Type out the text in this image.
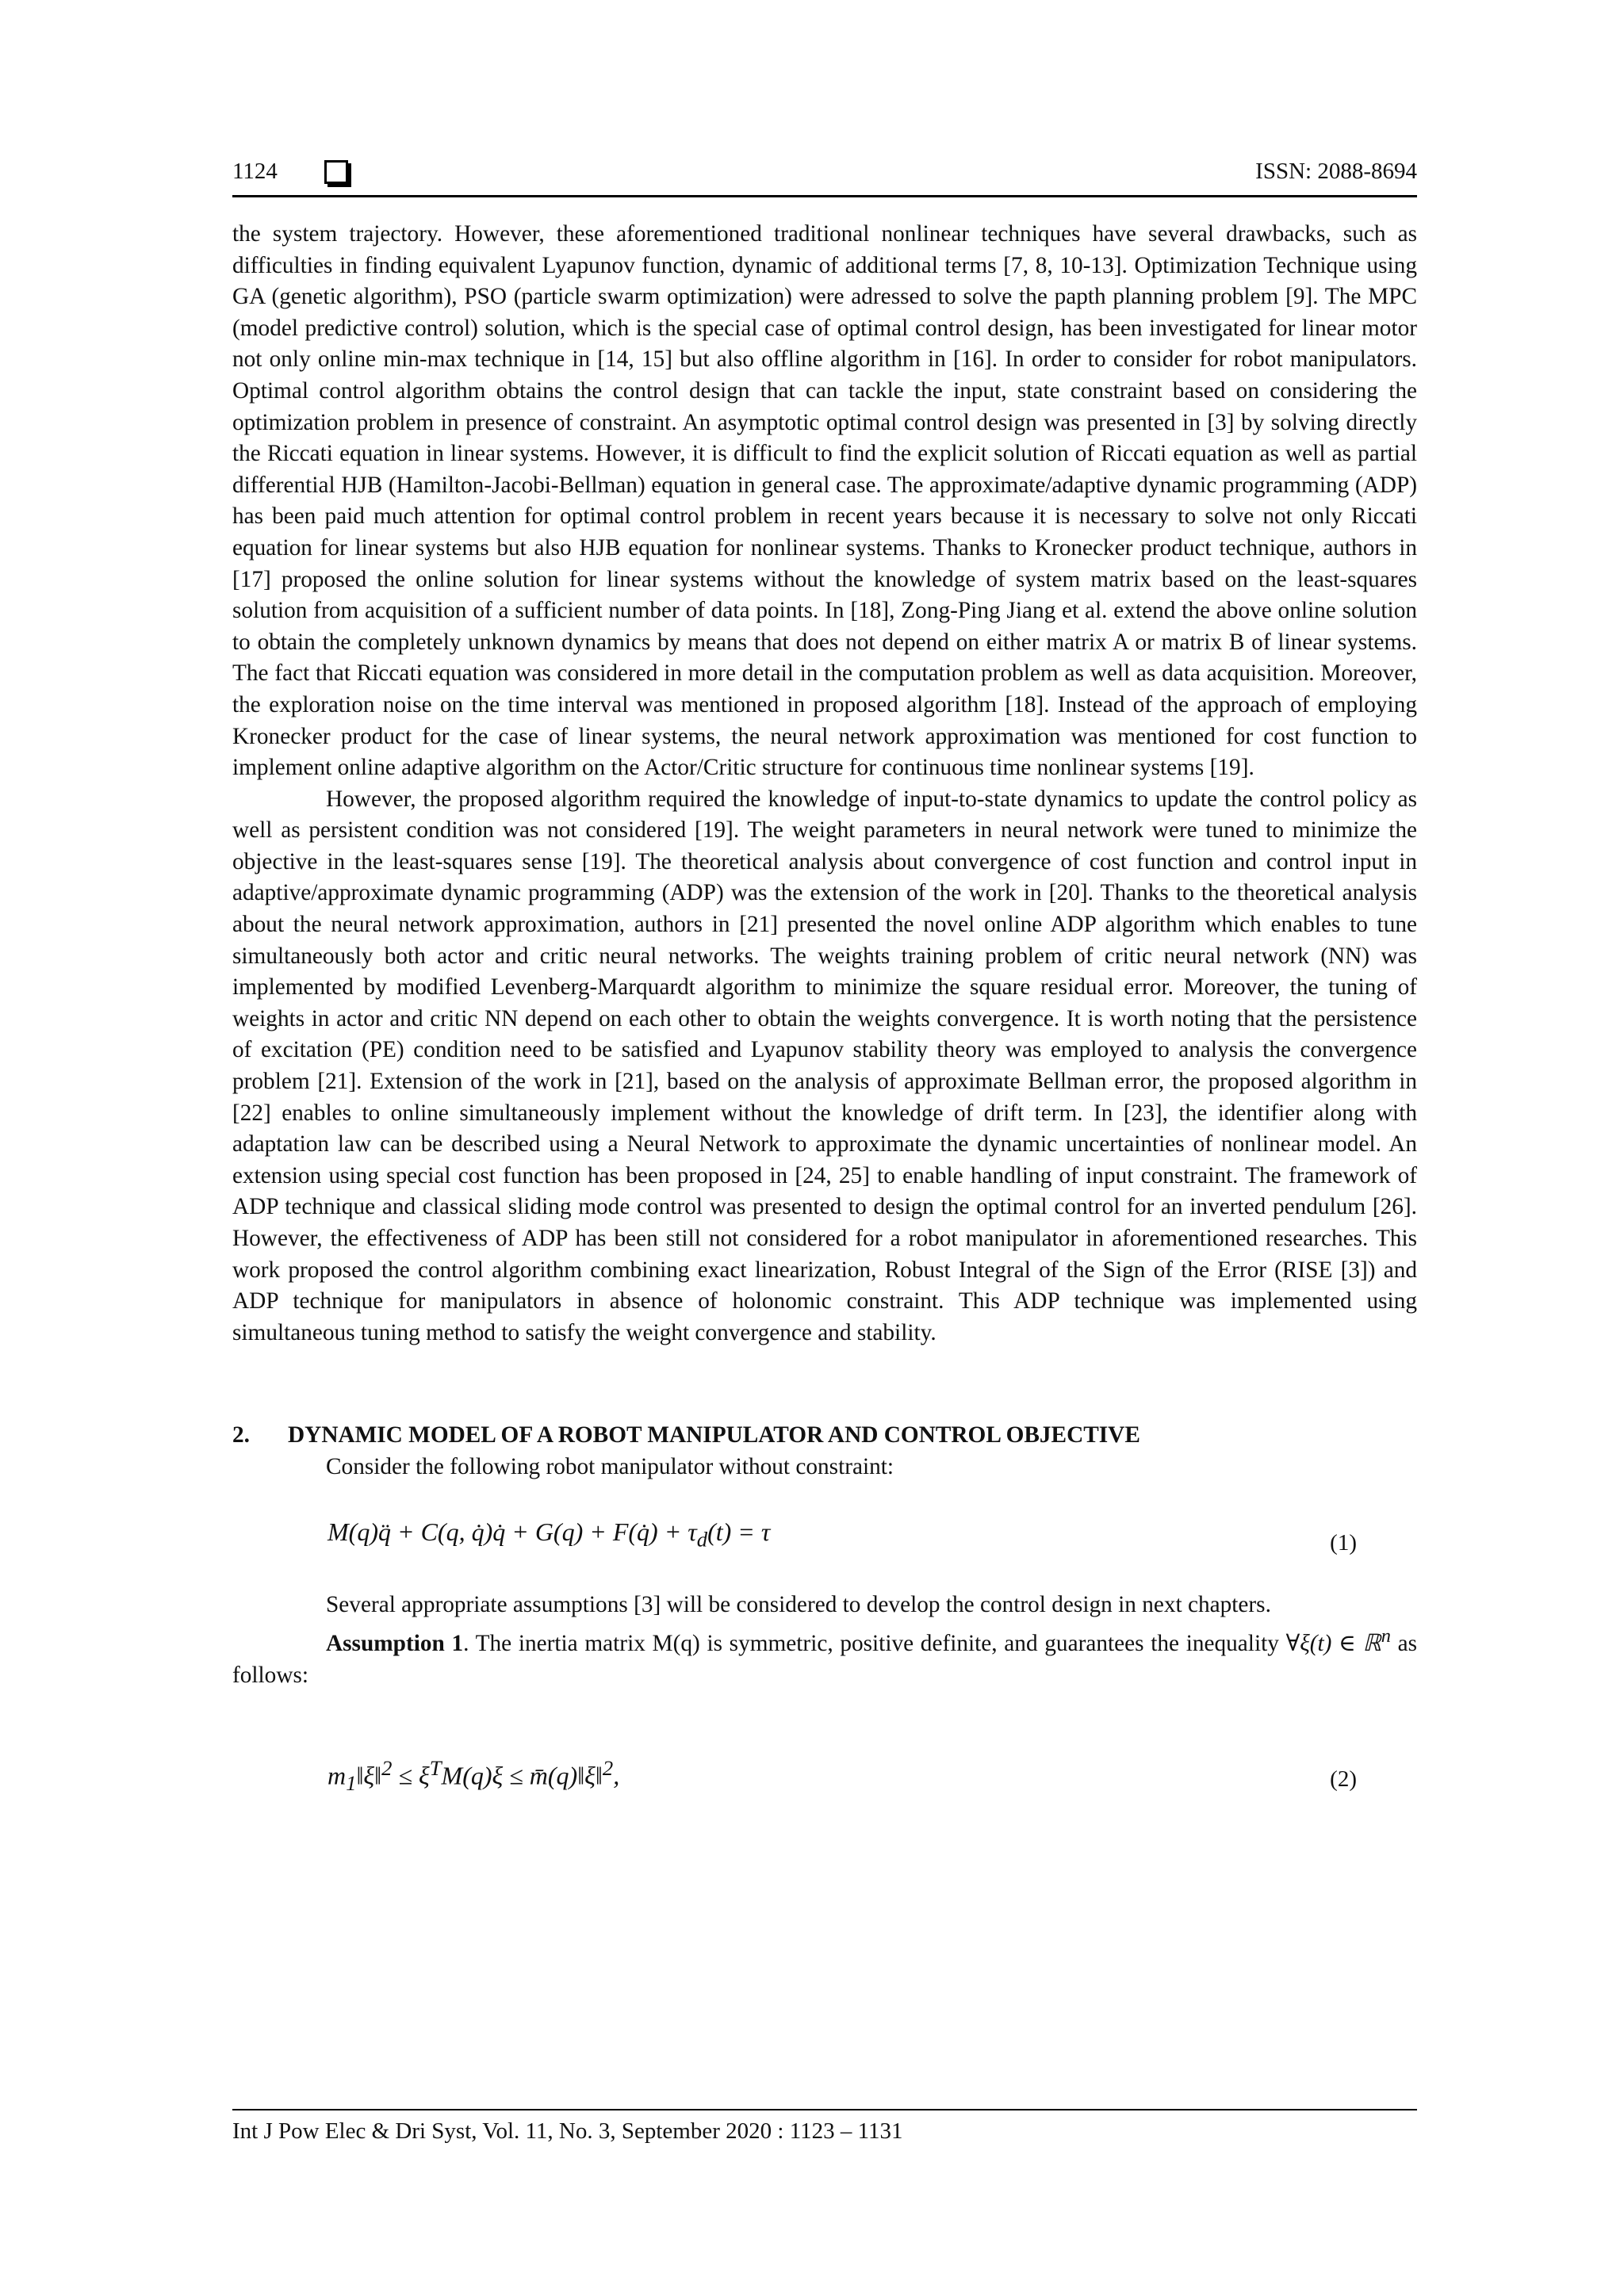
1124	ISSN: 2088-8694

the system trajectory. However, these aforementioned traditional nonlinear techniques have several drawbacks, such as difficulties in finding equivalent Lyapunov function, dynamic of additional terms [7, 8, 10-13]. Optimization Technique using GA (genetic algorithm), PSO (particle swarm optimization) were adressed to solve the papth planning problem [9]. The MPC (model predictive control) solution, which is the special case of optimal control design, has been investigated for linear motor not only online min-max technique in [14, 15] but also offline algorithm in [16]. In order to consider for robot manipulators. Optimal control algorithm obtains the control design that can tackle the input, state constraint based on considering the optimization problem in presence of constraint. An asymptotic optimal control design was presented in [3] by solving directly the Riccati equation in linear systems. However, it is difficult to find the explicit solution of Riccati equation as well as partial differential HJB (Hamilton-Jacobi-Bellman) equation in general case. The approximate/adaptive dynamic programming (ADP) has been paid much attention for optimal control problem in recent years because it is necessary to solve not only Riccati equation for linear systems but also HJB equation for nonlinear systems. Thanks to Kronecker product technique, authors in [17] proposed the online solution for linear systems without the knowledge of system matrix based on the least-squares solution from acquisition of a sufficient number of data points. In [18], Zong-Ping Jiang et al. extend the above online solution to obtain the completely unknown dynamics by means that does not depend on either matrix A or matrix B of linear systems. The fact that Riccati equation was considered in more detail in the computation problem as well as data acquisition. Moreover, the exploration noise on the time interval was mentioned in proposed algorithm [18]. Instead of the approach of employing Kronecker product for the case of linear systems, the neural network approximation was mentioned for cost function to implement online adaptive algorithm on the Actor/Critic structure for continuous time nonlinear systems [19].

However, the proposed algorithm required the knowledge of input-to-state dynamics to update the control policy as well as persistent condition was not considered [19]. The weight parameters in neural network were tuned to minimize the objective in the least-squares sense [19]. The theoretical analysis about convergence of cost function and control input in adaptive/approximate dynamic programming (ADP) was the extension of the work in [20]. Thanks to the theoretical analysis about the neural network approximation, authors in [21] presented the novel online ADP algorithm which enables to tune simultaneously both actor and critic neural networks. The weights training problem of critic neural network (NN) was implemented by modified Levenberg-Marquardt algorithm to minimize the square residual error. Moreover, the tuning of weights in actor and critic NN depend on each other to obtain the weights convergence. It is worth noting that the persistence of excitation (PE) condition need to be satisfied and Lyapunov stability theory was employed to analysis the convergence problem [21]. Extension of the work in [21], based on the analysis of approximate Bellman error, the proposed algorithm in [22] enables to online simultaneously implement without the knowledge of drift term. In [23], the identifier along with adaptation law can be described using a Neural Network to approximate the dynamic uncertainties of nonlinear model. An extension using special cost function has been proposed in [24, 25] to enable handling of input constraint. The framework of ADP technique and classical sliding mode control was presented to design the optimal control for an inverted pendulum [26]. However, the effectiveness of ADP has been still not considered for a robot manipulator in aforementioned researches. This work proposed the control algorithm combining exact linearization, Robust Integral of the Sign of the Error (RISE [3]) and ADP technique for manipulators in absence of holonomic constraint. This ADP technique was implemented using simultaneous tuning method to satisfy the weight convergence and stability.

2. DYNAMIC MODEL OF A ROBOT MANIPULATOR AND CONTROL OBJECTIVE

Consider the following robot manipulator without constraint:

M(q)q̈ + C(q, q̇)q̇ + G(q) + F(q̇) + $\tau_d(t) = \tau$	(1)

Several appropriate assumptions [3] will be considered to develop the control design in next chapters.

Assumption 1. The inertia matrix M(q) is symmetric, positive definite, and guarantees the inequality ∀ξ(t) ∈ ℝ$^n$ as follows:

$m_1‖\xi‖^2 \le \xi^TM(q)\xi$ ≤ m̄(q)‖ξ‖$^2$,	(2)
Int J Pow Elec & Dri Syst, Vol. 11, No. 3, September 2020 : 1123 – 1131
